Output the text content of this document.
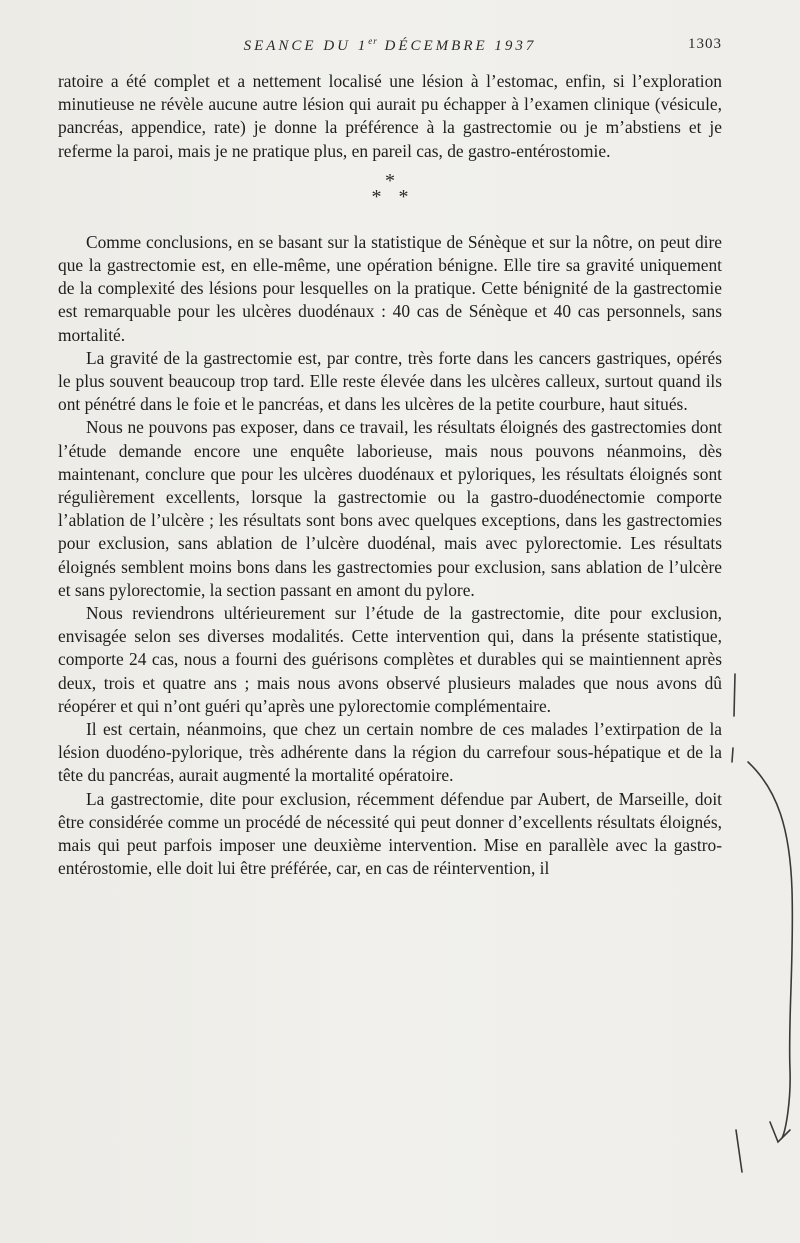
SEANCE DU 1er DÉCEMBRE 1937	1303

ratoire a été complet et a nettement localisé une lésion à l’estomac, enfin, si l’exploration minutieuse ne révèle aucune autre lésion qui aurait pu échapper à l’examen clinique (vésicule, pancréas, appendice, rate) je donne la préférence à la gastrectomie ou je m’abstiens et je referme la paroi, mais je ne pratique plus, en pareil cas, de gastro-entérostomie.

*
* *

Comme conclusions, en se basant sur la statistique de Sénèque et sur la nôtre, on peut dire que la gastrectomie est, en elle-même, une opération bénigne. Elle tire sa gravité uniquement de la complexité des lésions pour lesquelles on la pratique. Cette bénignité de la gastrectomie est remarquable pour les ulcères duodénaux : 40 cas de Sénèque et 40 cas personnels, sans mortalité.

La gravité de la gastrectomie est, par contre, très forte dans les cancers gastriques, opérés le plus souvent beaucoup trop tard. Elle reste élevée dans les ulcères calleux, surtout quand ils ont pénétré dans le foie et le pancréas, et dans les ulcères de la petite courbure, haut situés.

Nous ne pouvons pas exposer, dans ce travail, les résultats éloignés des gastrectomies dont l’étude demande encore une enquête laborieuse, mais nous pouvons néanmoins, dès maintenant, conclure que pour les ulcères duodénaux et pyloriques, les résultats éloignés sont régulièrement excellents, lorsque la gastrectomie ou la gastro-duodénectomie comporte l’ablation de l’ulcère ; les résultats sont bons avec quelques exceptions, dans les gastrectomies pour exclusion, sans ablation de l’ulcère duodénal, mais avec pylorectomie. Les résultats éloignés semblent moins bons dans les gastrectomies pour exclusion, sans ablation de l’ulcère et sans pylorectomie, la section passant en amont du pylore.

Nous reviendrons ultérieurement sur l’étude de la gastrectomie, dite pour exclusion, envisagée selon ses diverses modalités. Cette intervention qui, dans la présente statistique, comporte 24 cas, nous a fourni des guérisons complètes et durables qui se maintiennent après deux, trois et quatre ans ; mais nous avons observé plusieurs malades que nous avons dû réopérer et qui n’ont guéri qu’après une pylorectomie complémentaire.

Il est certain, néanmoins, que chez un certain nombre de ces malades l’extirpation de la lésion duodéno-pylorique, très adhérente dans la région du carrefour sous-hépatique et de la tête du pancréas, aurait augmenté la mortalité opératoire.

La gastrectomie, dite pour exclusion, récemment défendue par Aubert, de Marseille, doit être considérée comme un procédé de nécessité qui peut donner d’excellents résultats éloignés, mais qui peut parfois imposer une deuxième intervention. Mise en parallèle avec la gastro-entérostomie, elle doit lui être préférée, car, en cas de réintervention, il
